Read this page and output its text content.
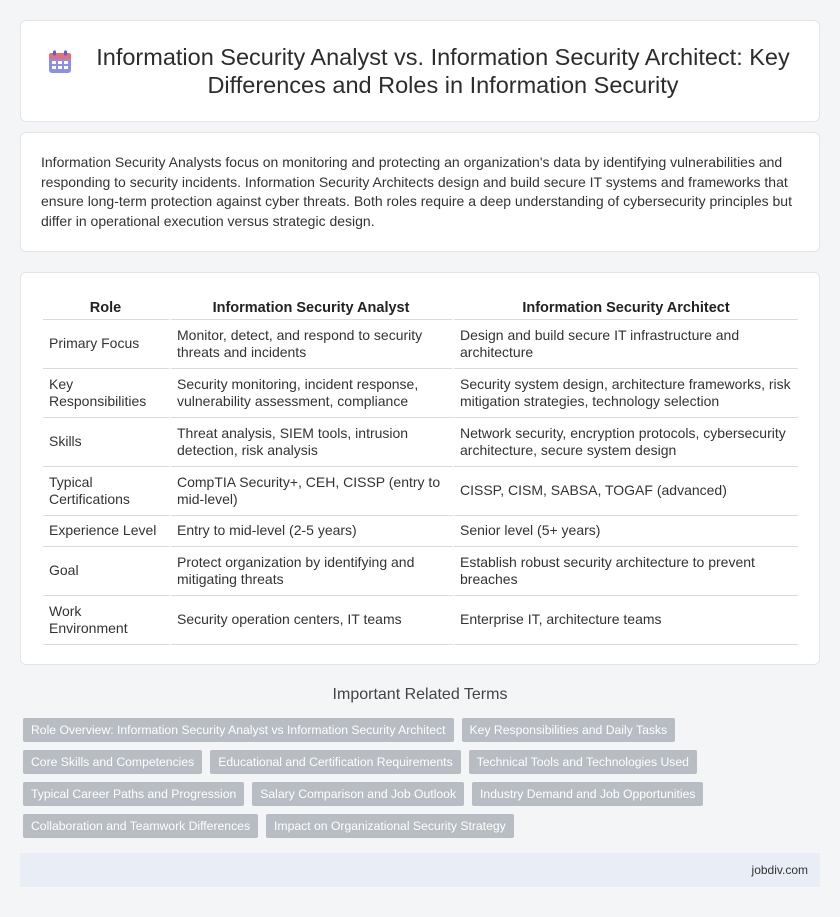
Information Security Analyst vs. Information Security Architect: Key Differences and Roles in Information Security

Information Security Analysts focus on monitoring and protecting an organization's data by identifying vulnerabilities and responding to security incidents. Information Security Architects design and build secure IT systems and frameworks that ensure long-term protection against cyber threats. Both roles require a deep understanding of cybersecurity principles but differ in operational execution versus strategic design.

Role	Information Security Analyst	Information Security Architect
Primary Focus	Monitor, detect, and respond to security threats and incidents	Design and build secure IT infrastructure and architecture
Key Responsibilities	Security monitoring, incident response, vulnerability assessment, compliance	Security system design, architecture frameworks, risk mitigation strategies, technology selection
Skills	Threat analysis, SIEM tools, intrusion detection, risk analysis	Network security, encryption protocols, cybersecurity architecture, secure system design
Typical Certifications	CompTIA Security+, CEH, CISSP (entry to mid-level)	CISSP, CISM, SABSA, TOGAF (advanced)
Experience Level	Entry to mid-level (2-5 years)	Senior level (5+ years)
Goal	Protect organization by identifying and mitigating threats	Establish robust security architecture to prevent breaches
Work Environment	Security operation centers, IT teams	Enterprise IT, architecture teams
Important Related Terms
Role Overview: Information Security Analyst vs Information Security Architect	Key Responsibilities and Daily Tasks
Core Skills and Competencies	Educational and Certification Requirements	Technical Tools and Technologies Used
Typical Career Paths and Progression	Salary Comparison and Job Outlook	Industry Demand and Job Opportunities
Collaboration and Teamwork Differences	Impact on Organizational Security Strategy
jobdiv.com
